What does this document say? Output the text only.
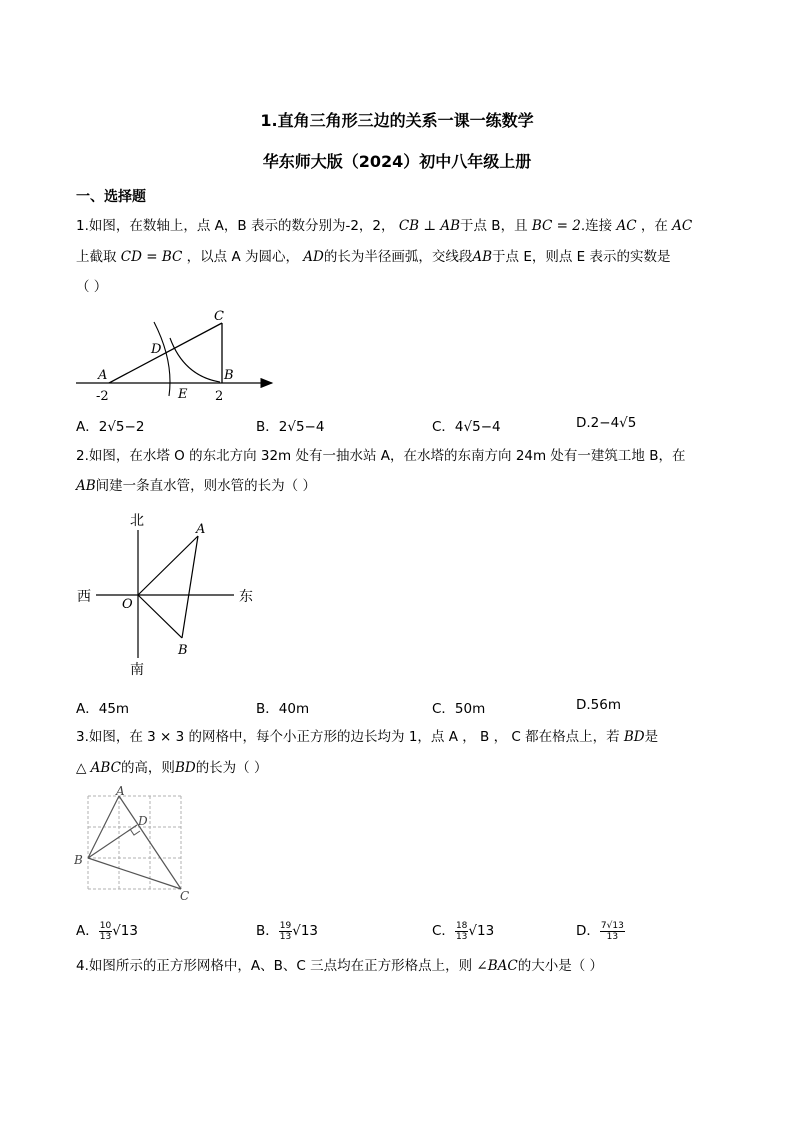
1.直角三角形三边的关系一课一练数学
华东师大版（2024）初中八年级上册
一、选择题
1.如图，在数轴上，点 A，B 表示的数分别为-2，2， CB ⊥ AB于点 B，且 BC = 2.连接 AC ，在 AC
上截取 CD = BC ，以点 A 为圆心， AD的长为半径画弧，交线段AB于点 E，则点 E 表示的实数是
（ ）
C
D
A	B
E
-2	2
A．2√5−2	B．2√5−4	C．4√5−4	D.2−4√5
2.如图，在水塔 O 的东北方向 32m 处有一抽水站 A，在水塔的东南方向 24m 处有一建筑工地 B，在
AB间建一条直水管，则水管的长为（ ）
北
南
西	东
O
A
B
A．45m	B．40m	C．50m	D.56m
3.如图，在 3 × 3 的网格中，每个小正方形的边长均为 1，点 A ， B ， C 都在格点上，若 BD是
△ ABC的高，则BD的长为（ ）
A
B
C
D
A． $\frac{10}{13} √13$	B． $\frac{19}{13} √13$	C． $\frac{18}{13} √13$	D． $\frac{7√13}{13}$
4.如图所示的正方形网格中，A、B、C 三点均在正方形格点上，则 ∠BAC的大小是（ ）
